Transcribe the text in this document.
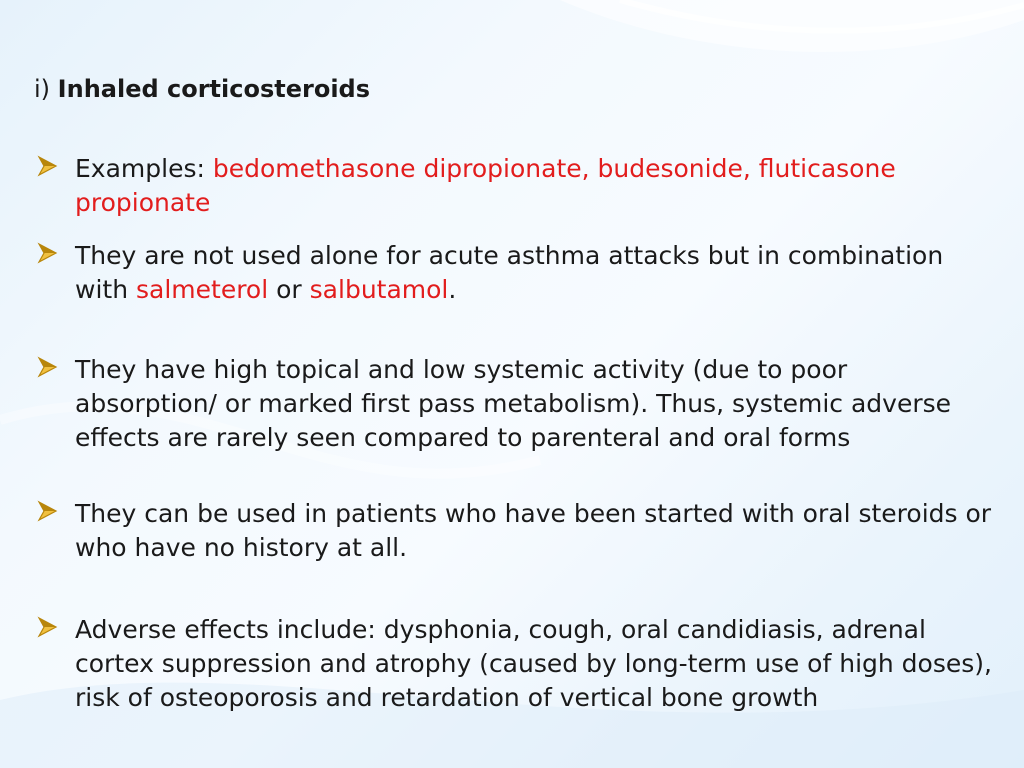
i) Inhaled corticosteroids
Examples: bedomethasone dipropionate, budesonide, fluticasone propionate
They are not used alone for acute asthma attacks but in combination with salmeterol or salbutamol.
They have high topical and low systemic activity (due to poor absorption/ or marked first pass metabolism). Thus, systemic adverse effects are rarely seen compared to parenteral and oral forms
They can be used in patients who have been started with oral steroids or who have no history at all.
Adverse effects include: dysphonia, cough, oral candidiasis, adrenal cortex suppression and atrophy (caused by long-term use of high doses), risk of osteoporosis and retardation of vertical bone growth
